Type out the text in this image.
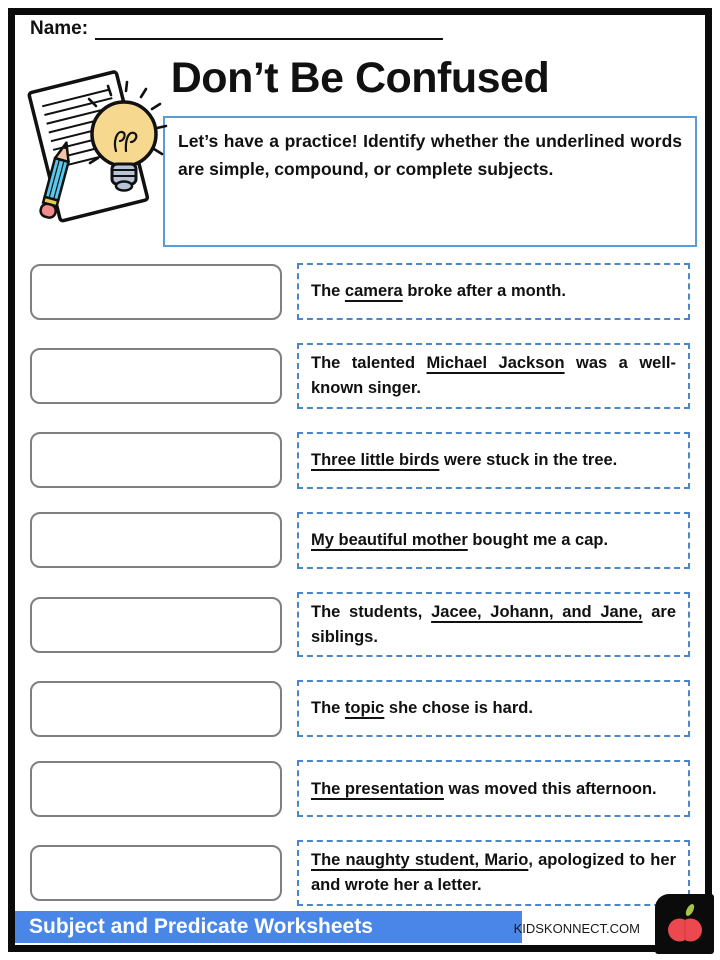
Name:
Don’t Be Confused

Let’s have a practice! Identify whether the underlined words are simple, compound, or complete subjects.

The camera broke after a month.

The talented Michael Jackson was a well-known singer.

Three little birds were stuck in the tree.

My beautiful mother bought me a cap.

The students, Jacee, Johann, and Jane, are siblings.

The topic she chose is hard.

The presentation was moved this afternoon.

The naughty student, Mario, apologized to her and wrote her a letter.

Subject and Predicate Worksheets	KIDSKONNECT.COM
